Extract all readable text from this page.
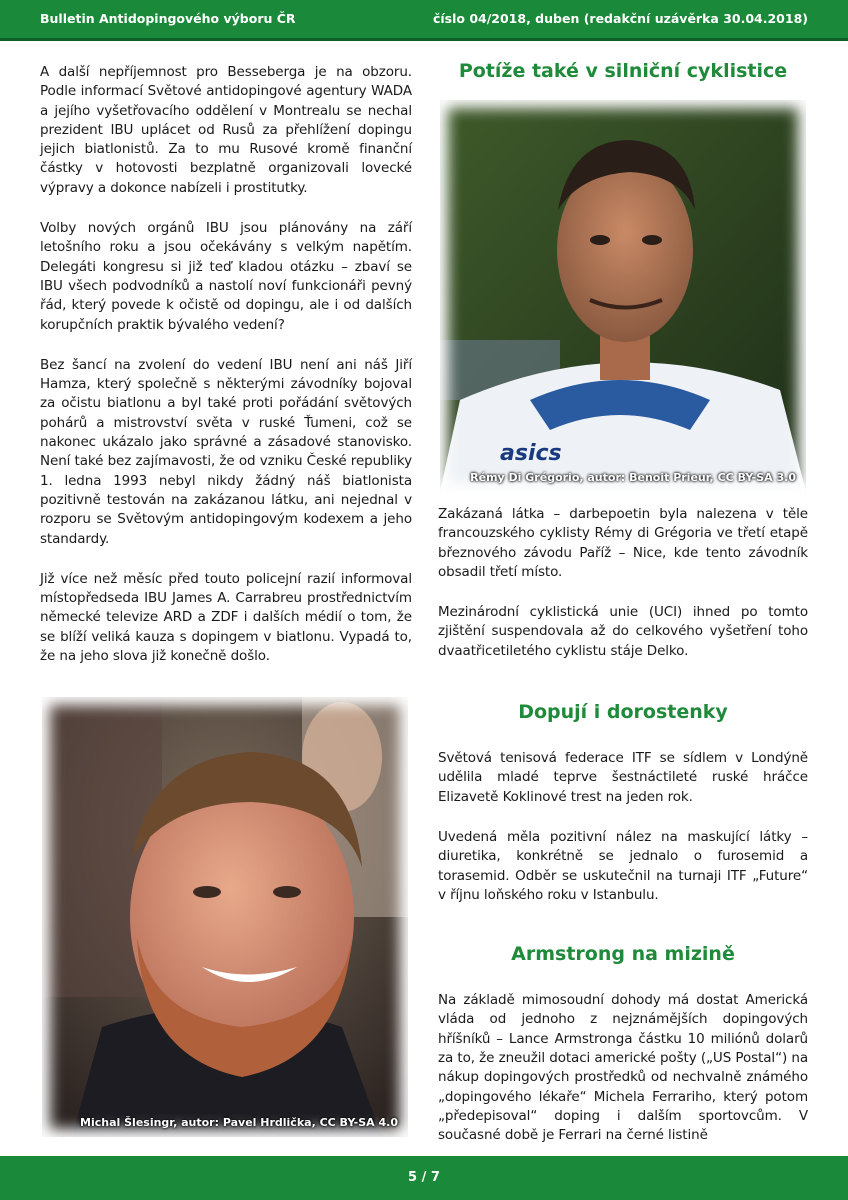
Bulletin Antidopingového výboru ČR	číslo 04/2018, duben (redakční uzávěrka 30.04.2018)

A další nepříjemnost pro Besseberga je na obzoru. Podle informací Světové antidopingové agentury WADA a jejího vyšetřovacího oddělení v Montrealu se nechal prezident IBU uplácet od Rusů za přehlížení dopingu jejich biatlonistů. Za to mu Rusové kromě finanční částky v hotovosti bezplatně organizovali lovecké výpravy a dokonce nabízeli i prostitutky.

Volby nových orgánů IBU jsou plánovány na září letošního roku a jsou očekávány s velkým napětím. Delegáti kongresu si již teď kladou otázku – zbaví se IBU všech podvodníků a nastolí noví funkcionáři pevný řád, který povede k očistě od dopingu, ale i od dalších korupčních praktik bývalého vedení?

Bez šancí na zvolení do vedení IBU není ani náš Jiří Hamza, který společně s některými závodníky bojoval za očistu biatlonu a byl také proti pořádání světových pohárů a mistrovství světa v ruské Ťumeni, což se nakonec ukázalo jako správné a zásadové stanovisko. Není také bez zajímavosti, že od vzniku České republiky 1. ledna 1993 nebyl nikdy žádný náš biatlonista pozitivně testován na zakázanou látku, ani nejednal v rozporu se Světovým antidopingovým kodexem a jeho standardy.

Již více než měsíc před touto policejní razií informoval místopředseda IBU James A. Carrabreu prostřednictvím německé televize ARD a ZDF i dalších médií o tom, že se blíží veliká kauza s dopingem v biatlonu. Vypadá to, že na jeho slova již konečně došlo.

Michal Šlesingr, autor: Pavel Hrdlička, CC BY-SA 4.0
Potíže také v silniční cyklistice
asics
Rémy Di Grégorio, autor: Benoit Prieur, CC BY-SA 3.0

Zakázaná látka – darbepoetin byla nalezena v těle francouzského cyklisty Rémy di Grégoria ve třetí etapě březnového závodu Paříž – Nice, kde tento závodník obsadil třetí místo.

Mezinárodní cyklistická unie (UCI) ihned po tomto zjištění suspendovala až do celkového vyšetření toho dvaatřicetiletého cyklistu stáje Delko.

Dopují i dorostenky

Světová tenisová federace ITF se sídlem v Londýně udělila mladé teprve šestnáctileté ruské hráčce Elizavetě Koklinové trest na jeden rok.

Uvedená měla pozitivní nález na maskující látky – diuretika, konkrétně se jednalo o furosemid a torasemid. Odběr se uskutečnil na turnaji ITF „Future“ v říjnu loňského roku v Istanbulu.

Armstrong na mizině

Na základě mimosoudní dohody má dostat Americká vláda od jednoho z nejznámějších dopingových hříšníků – Lance Armstronga částku 10 miliónů dolarů za to, že zneužil dotaci americké pošty („US Postal“) na nákup dopingových prostředků od nechvalně známého „dopingového lékaře“ Michela Ferrariho, který potom „předepisoval“ doping i dalším sportovcům. V současné době je Ferrari na černé listině

5 / 7
